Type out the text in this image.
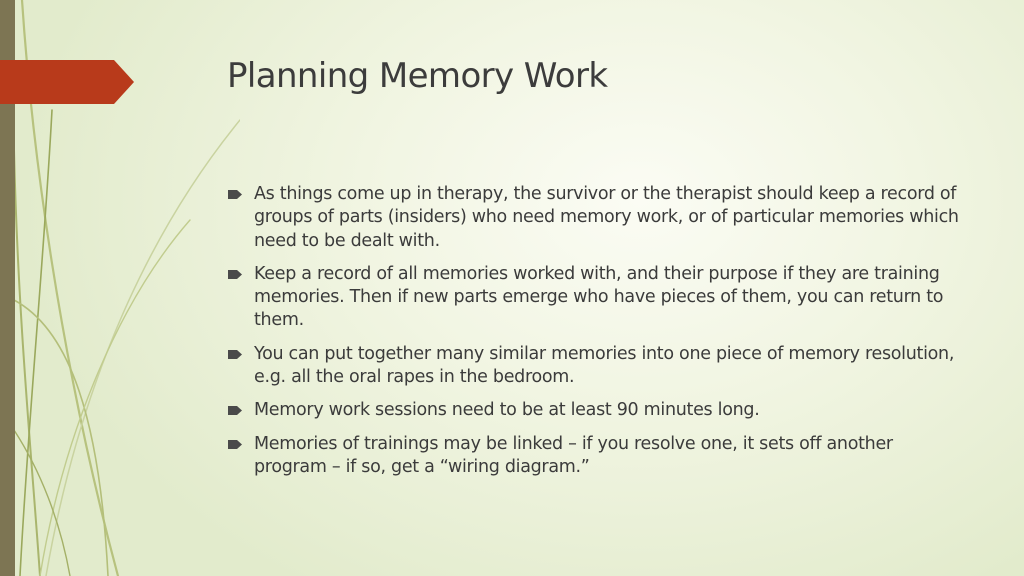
Planning Memory Work
As things come up in therapy, the survivor or the therapist should keep a record of groups of parts (insiders) who need memory work, or of particular memories which need to be dealt with.
Keep a record of all memories worked with, and their purpose if they are training memories. Then if new parts emerge who have pieces of them, you can return to them.
You can put together many similar memories into one piece of memory resolution, e.g. all the oral rapes in the bedroom.
Memory work sessions need to be at least 90 minutes long.
Memories of trainings may be linked – if you resolve one, it sets off another program – if so, get a “wiring diagram.”
